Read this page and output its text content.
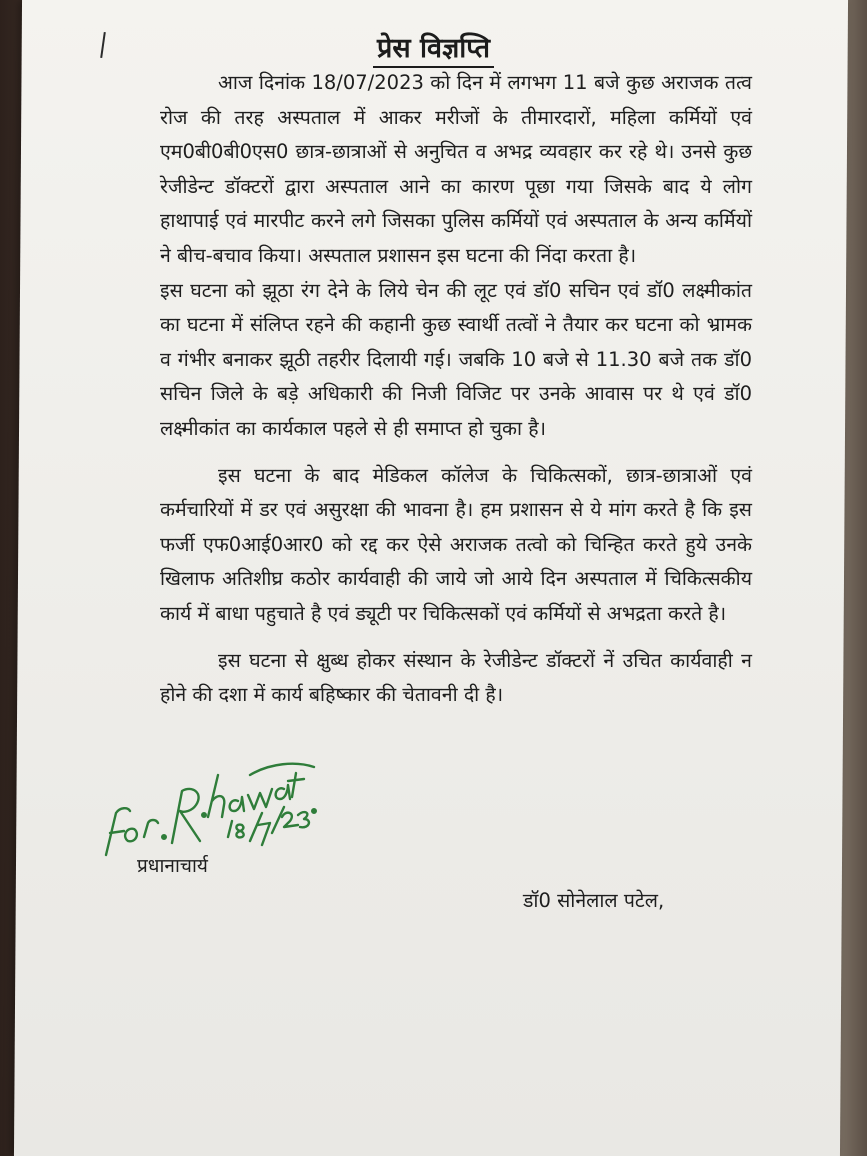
प्रेस विज्ञप्ति

आज दिनांक 18/07/2023 को दिन में लगभग 11 बजे कुछ अराजक तत्व रोज की तरह अस्पताल में आकर मरीजों के तीमारदारों, महिला कर्मियों एवं एम0बी0बी0एस0 छात्र-छात्राओं से अनुचित व अभद्र व्यवहार कर रहे थे। उनसे कुछ रेजीडेन्ट डॉक्टरों द्वारा अस्पताल आने का कारण पूछा गया जिसके बाद ये लोग हाथापाई एवं मारपीट करने लगे जिसका पुलिस कर्मियों एवं अस्पताल के अन्य कर्मियों ने बीच-बचाव किया। अस्पताल प्रशासन इस घटना की निंदा करता है।

इस घटना को झूठा रंग देने के लिये चेन की लूट एवं डॉ0 सचिन एवं डॉ0 लक्ष्मीकांत का घटना में संलिप्त रहने की कहानी कुछ स्वार्थी तत्वों ने तैयार कर घटना को भ्रामक व गंभीर बनाकर झूठी तहरीर दिलायी गई। जबकि 10 बजे से 11.30 बजे तक डॉ0 सचिन जिले के बड़े अधिकारी की निजी विजिट पर उनके आवास पर थे एवं डॉ0 लक्ष्मीकांत का कार्यकाल पहले से ही समाप्त हो चुका है।

इस घटना के बाद मेडिकल कॉलेज के चिकित्सकों, छात्र-छात्राओं एवं कर्मचारियों में डर एवं असुरक्षा की भावना है। हम प्रशासन से ये मांग करते है कि इस फर्जी एफ0आई0आर0 को रद्द कर ऐसे अराजक तत्वो को चिन्हित करते हुये उनके खिलाफ अतिशीघ्र कठोर कार्यवाही की जाये जो आये दिन अस्पताल में चिकित्सकीय कार्य में बाधा पहुचाते है एवं ड्यूटी पर चिकित्सकों एवं कर्मियों से अभद्रता करते है।

इस घटना से क्षुब्ध होकर संस्थान के रेजीडेन्ट डॉक्टरों नें उचित कार्यवाही न होने की दशा में कार्य बहिष्कार की चेतावनी दी है।

प्रधानाचार्य
डॉ0 सोनेलाल पटेल,
